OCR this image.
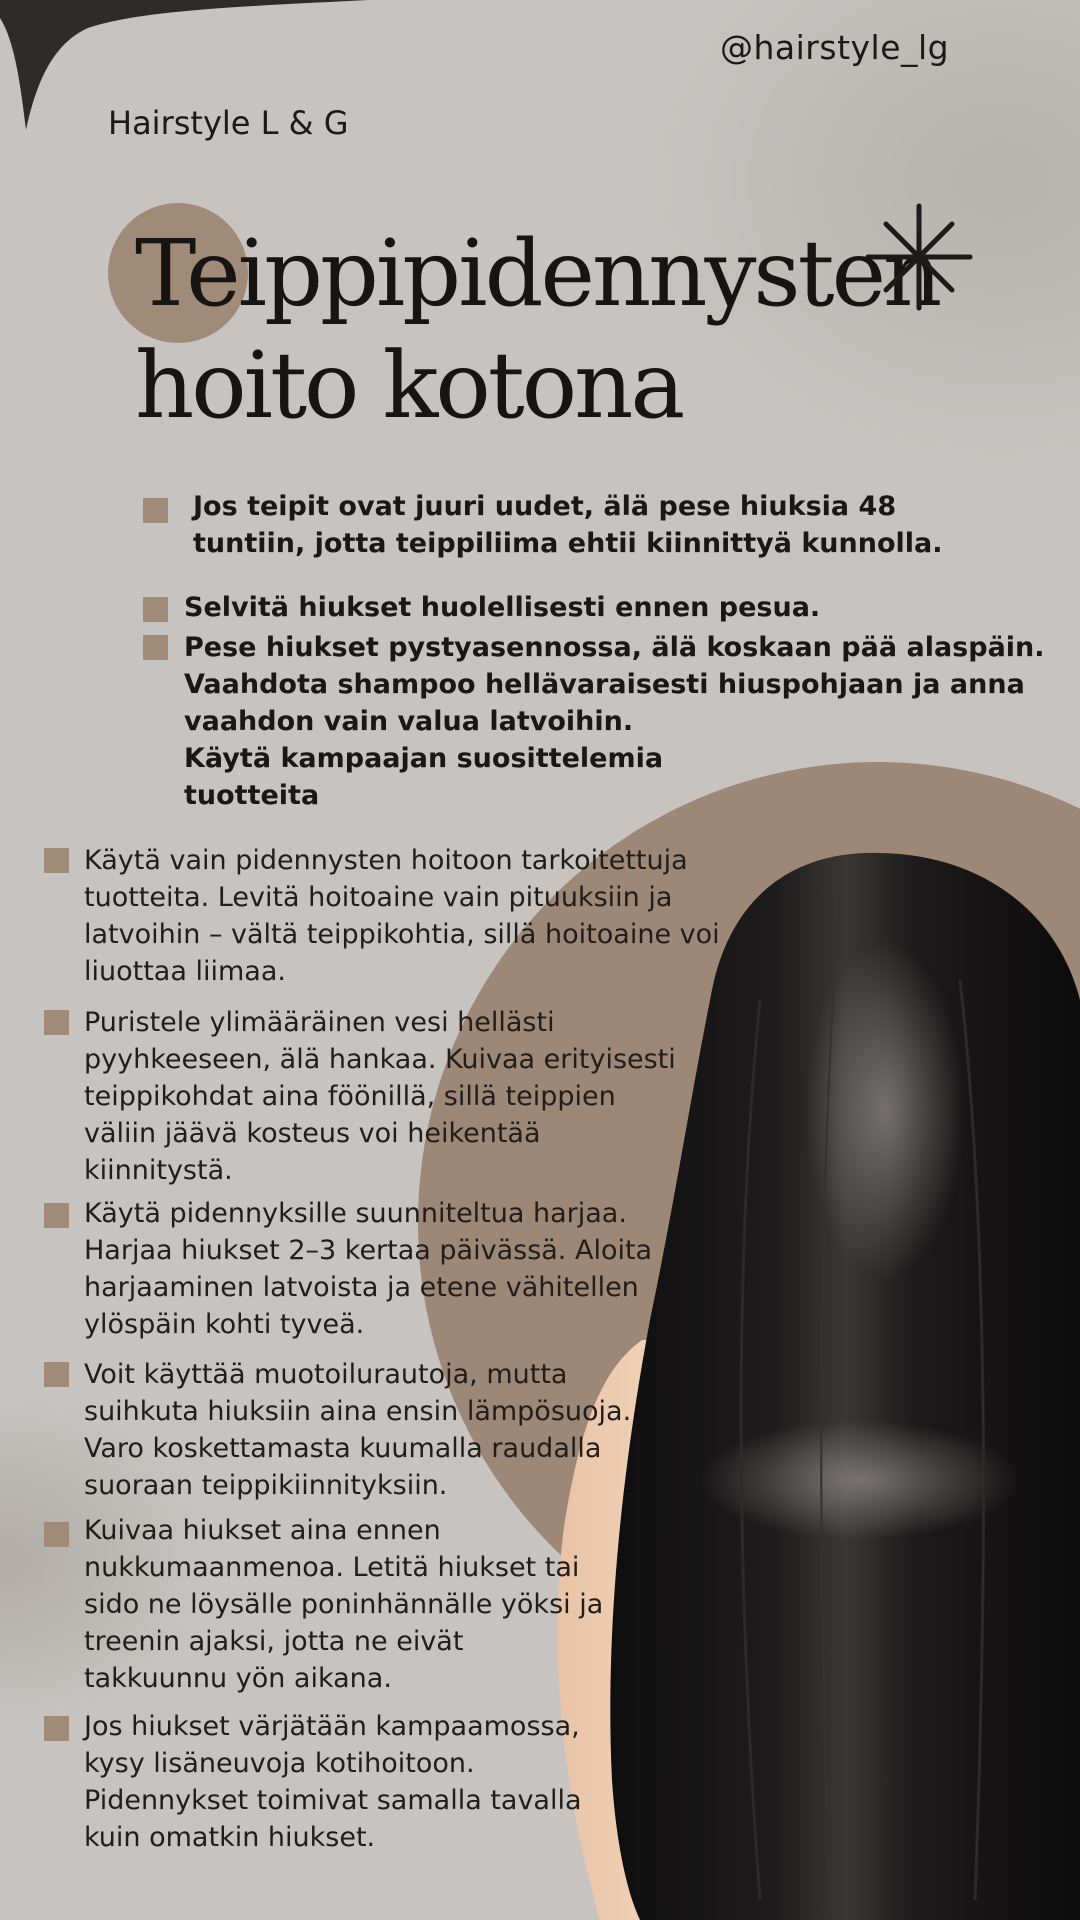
@hairstyle_lg
Hairstyle L & G
Teippipidennysten
hoito kotona
Jos teipit ovat juuri uudet, älä pese hiuksia 48
tuntiin, jotta teippiliima ehtii kiinnittyä kunnolla.
Selvitä hiukset huolellisesti ennen pesua.
Pese hiukset pystyasennossa, älä koskaan pää alaspäin.
Vaahdota shampoo hellävaraisesti hiuspohjaan ja anna
vaahdon vain valua latvoihin.
Käytä kampaajan suosittelemia
tuotteita
Käytä vain pidennysten hoitoon tarkoitettuja
tuotteita. Levitä hoitoaine vain pituuksiin ja
latvoihin – vältä teippikohtia, sillä hoitoaine voi
liuottaa liimaa.
Puristele ylimääräinen vesi hellästi
pyyhkeeseen, älä hankaa. Kuivaa erityisesti
teippikohdat aina föönillä, sillä teippien
väliin jäävä kosteus voi heikentää
kiinnitystä.
Käytä pidennyksille suunniteltua harjaa.
Harjaa hiukset 2–3 kertaa päivässä. Aloita
harjaaminen latvoista ja etene vähitellen
ylöspäin kohti tyveä.
Voit käyttää muotoilurautoja, mutta
suihkuta hiuksiin aina ensin lämpösuoja.
Varo koskettamasta kuumalla raudalla
suoraan teippikiinnityksiin.
Kuivaa hiukset aina ennen
nukkumaanmenoa. Letitä hiukset tai
sido ne löysälle poninhännälle yöksi ja
treenin ajaksi, jotta ne eivät
takkuunnu yön aikana.
Jos hiukset värjätään kampaamossa,
kysy lisäneuvoja kotihoitoon.
Pidennykset toimivat samalla tavalla
kuin omatkin hiukset.
